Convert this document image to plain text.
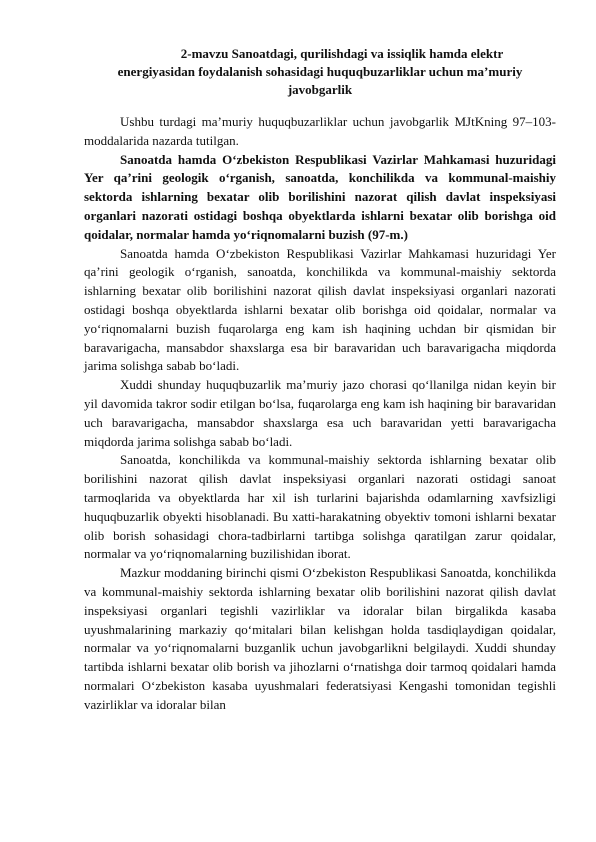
2-mavzu Sanoatdagi, qurilishdagi va issiqlik hamda elektr
energiyasidan foydalanish sohasidagi huquqbuzarliklar uchun ma’muriy
javobgarlik

Ushbu turdagi ma’muriy huquqbuzarliklar uchun javobgarlik MJtKning 97–103-moddalarida nazarda tutilgan.

Sanoatda hamda O‘zbekiston Respublikasi Vazirlar Mahkamasi huzuridagi Yer qa’rini geologik o‘rganish, sanoatda, konchilikda va kommunal-maishiy sektorda ishlarning bexatar olib borilishini nazorat qilish davlat inspeksiyasi organlari nazorati ostidagi boshqa obyektlarda ishlarni bexatar olib borishga oid qoidalar, normalar hamda yo‘riqnomalarni buzish (97-m.)

Sanoatda hamda O‘zbekiston Respublikasi Vazirlar Mahkamasi huzuridagi Yer qa’rini geologik o‘rganish, sanoatda, konchilikda va kommunal-maishiy sektorda ishlarning bexatar olib borilishini nazorat qilish davlat inspeksiyasi organlari nazorati ostidagi boshqa obyektlarda ishlarni bexatar olib borishga oid qoidalar, normalar va yo‘riqnomalarni buzish fuqarolarga eng kam ish haqining uchdan bir qismidan bir baravarigacha, mansabdor shaxslarga esa bir baravaridan uch baravarigacha miqdorda jarima solishga sabab bo‘ladi.

Xuddi shunday huquqbuzarlik ma’muriy jazo chorasi qo‘llanilga nidan keyin bir yil davomida takror sodir etilgan bo‘lsa, fuqarolarga eng kam ish haqining bir baravaridan uch baravarigacha, mansabdor shaxslarga esa uch baravaridan yetti baravarigacha miqdorda jarima solishga sabab bo‘ladi.

Sanoatda, konchilikda va kommunal-maishiy sektorda ishlarning bexatar olib borilishini nazorat qilish davlat inspeksiyasi organlari nazorati ostidagi sanoat tarmoqlarida va obyektlarda har xil ish turlarini bajarishda odamlarning xavfsizligi huquqbuzarlik obyekti hisoblanadi. Bu xatti-harakatning obyektiv tomoni ishlarni bexatar olib borish sohasidagi chora-tadbirlarni tartibga solishga qaratilgan zarur qoidalar, normalar va yo‘riqnomalarning buzilishidan iborat.

Mazkur moddaning birinchi qismi O‘zbekiston Respublikasi Sanoatda, konchilikda va kommunal-maishiy sektorda ishlarning bexatar olib borilishini nazorat qilish davlat inspeksiyasi organlari tegishli vazirliklar va idoralar bilan birgalikda kasaba uyushmalarining markaziy qo‘mitalari bilan kelishgan holda tasdiqlaydigan qoidalar, normalar va yo‘riqnomalarni buzganlik uchun javobgarlikni belgilaydi. Xuddi shunday tartibda ishlarni bexatar olib borish va jihozlarni o‘rnatishga doir tarmoq qoidalari hamda normalari O‘zbekiston kasaba uyushmalari federatsiyasi Kengashi tomonidan tegishli vazirliklar va idoralar bilan
